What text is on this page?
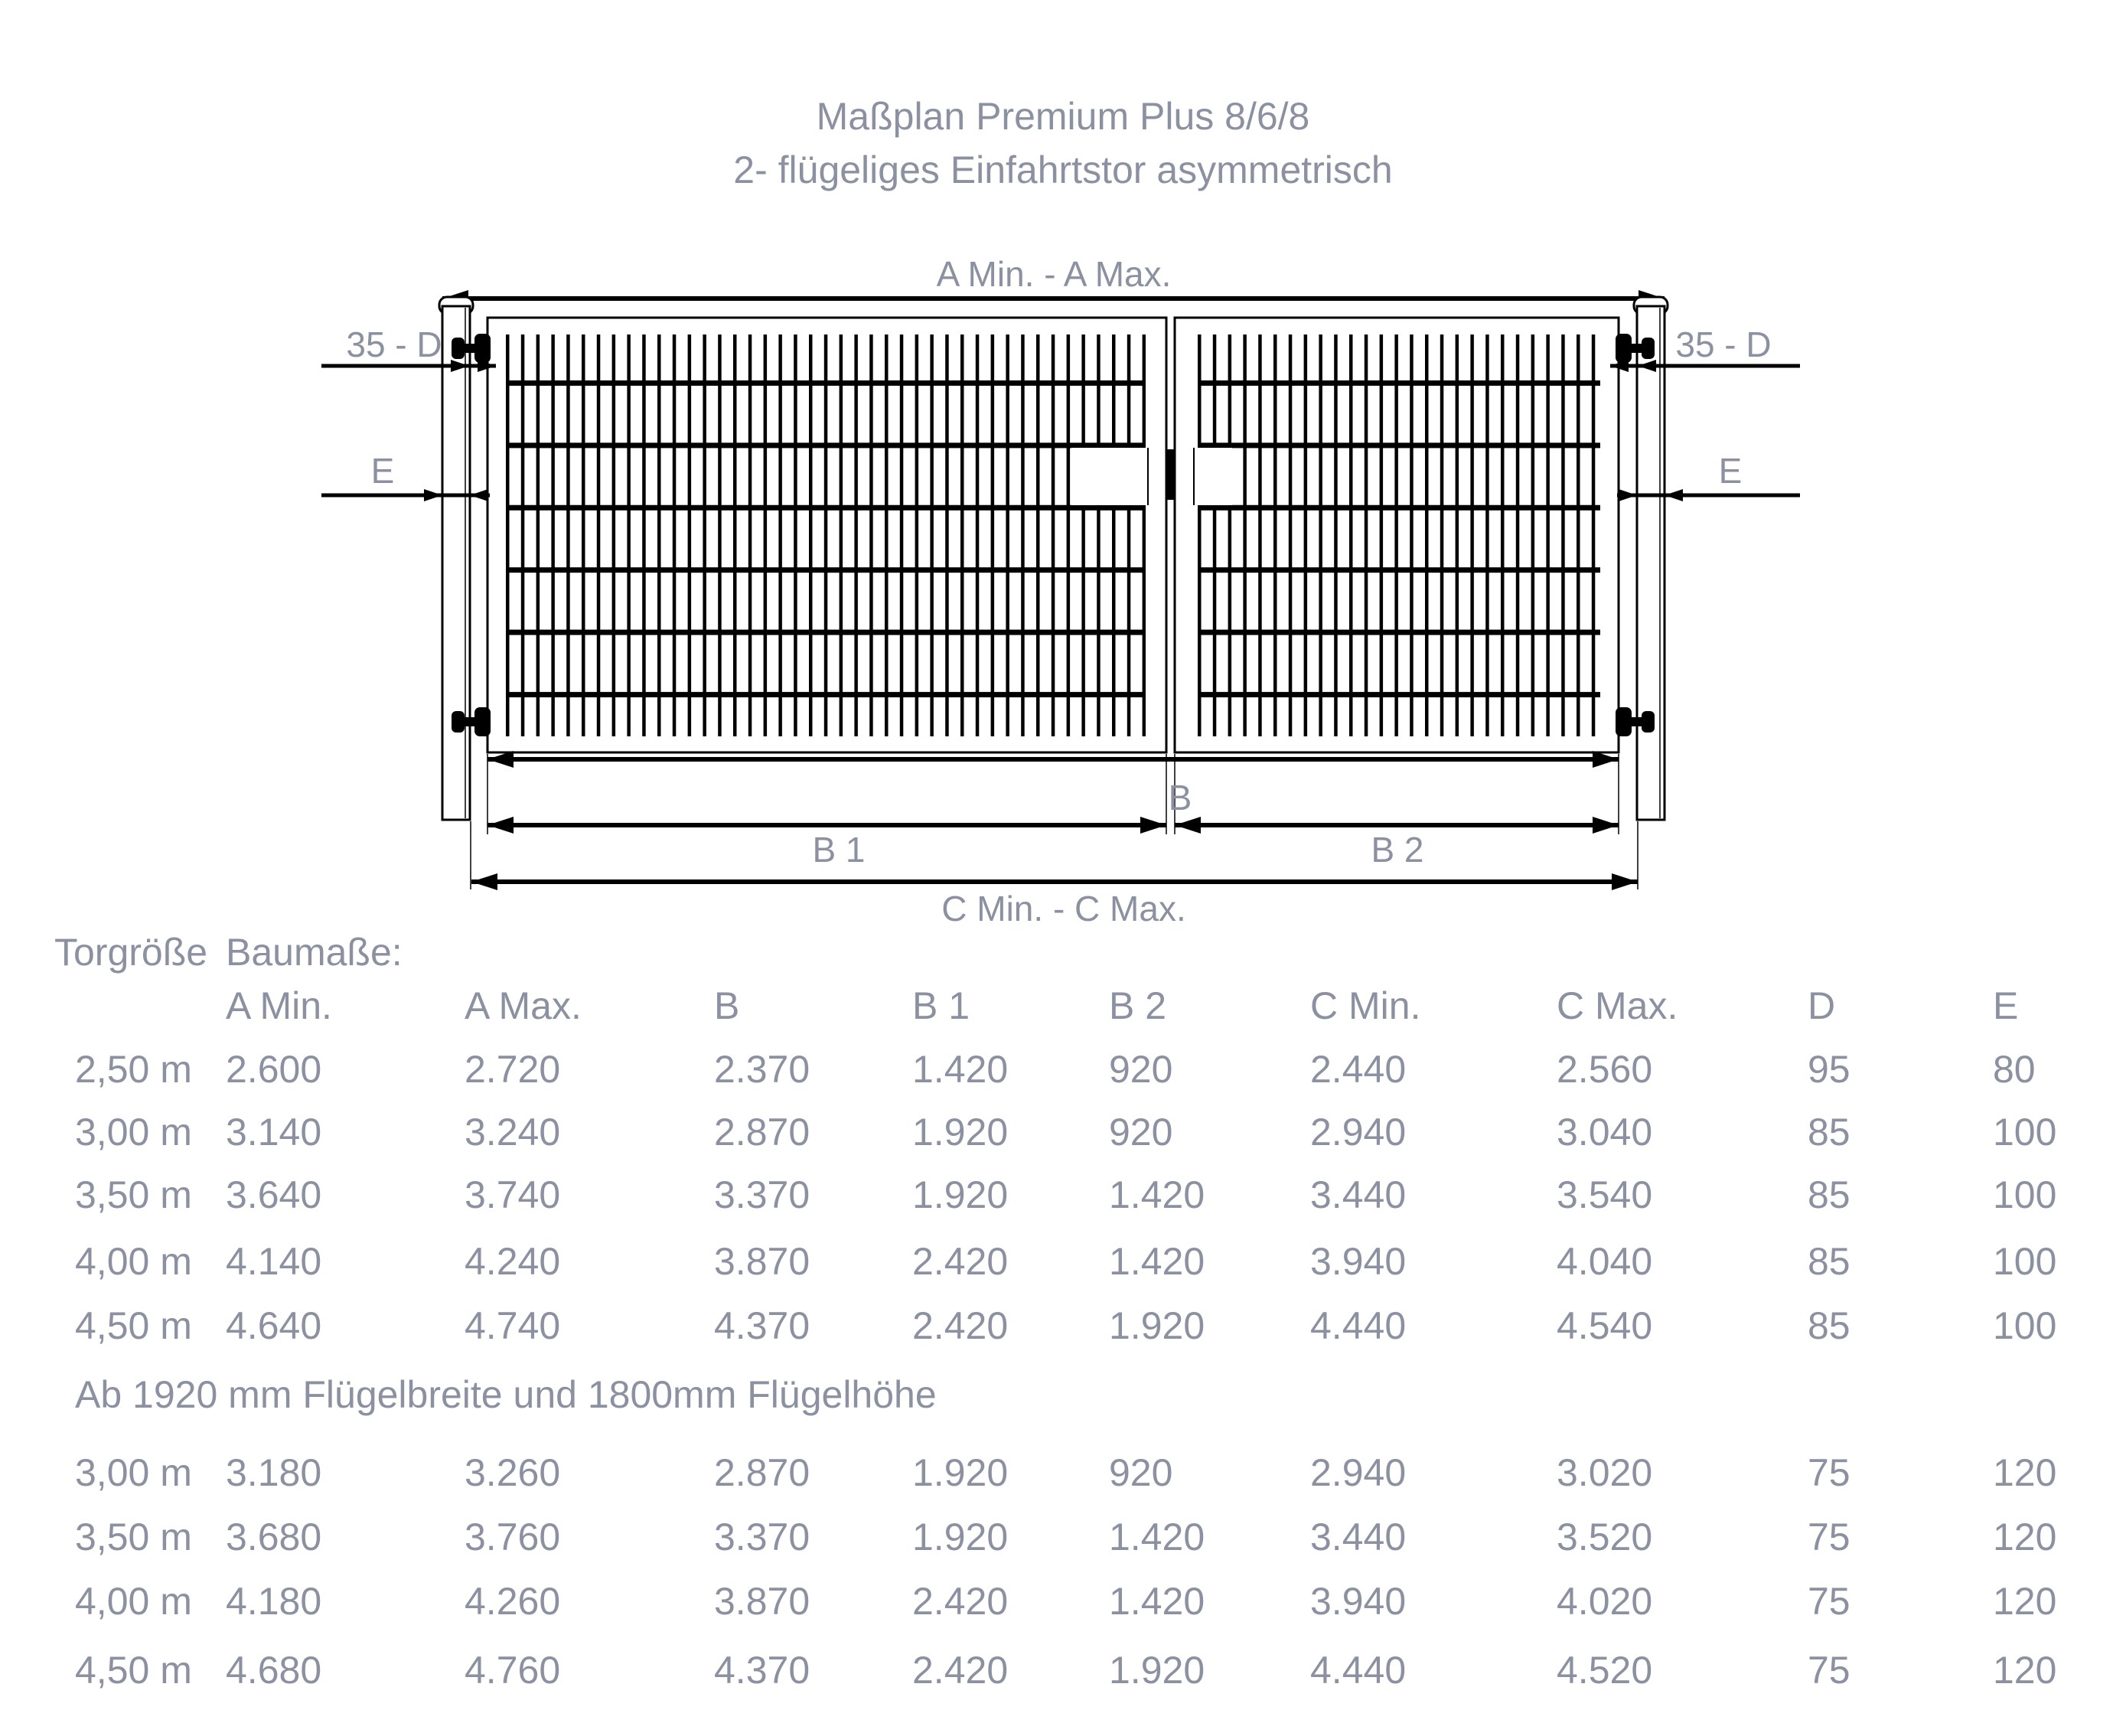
Maßplan Premium Plus 8/6/8
2- flügeliges Einfahrtstor asymmetrisch
A Min. - A Max.
35 - D	35 - D
E	E
B
B 1	B 2
C Min. - C Max.
Torgröße Baumaße:
A Min.	A Max.	B	B 1	B 2	C Min.	C Max.	D	E
2,50 m 2.600	2.720	2.370	1.420	920	2.440	2.560	95	80
3,00 m 3.140	3.240	2.870	1.920	920	2.940	3.040	85	100
3,50 m 3.640	3.740	3.370	1.920	1.420	3.440	3.540	85	100
4,00 m 4.140	4.240	3.870	2.420	1.420	3.940	4.040	85	100
4,50 m 4.640	4.740	4.370	2.420	1.920	4.440	4.540	85	100
Ab 1920 mm Flügelbreite und 1800mm Flügelhöhe
3,00 m 3.180	3.260	2.870	1.920	920	2.940	3.020	75	120
3,50 m 3.680	3.760	3.370	1.920	1.420	3.440	3.520	75	120
4,00 m 4.180	4.260	3.870	2.420	1.420	3.940	4.020	75	120
4,50 m 4.680	4.760	4.370	2.420	1.920	4.440	4.520	75	120
